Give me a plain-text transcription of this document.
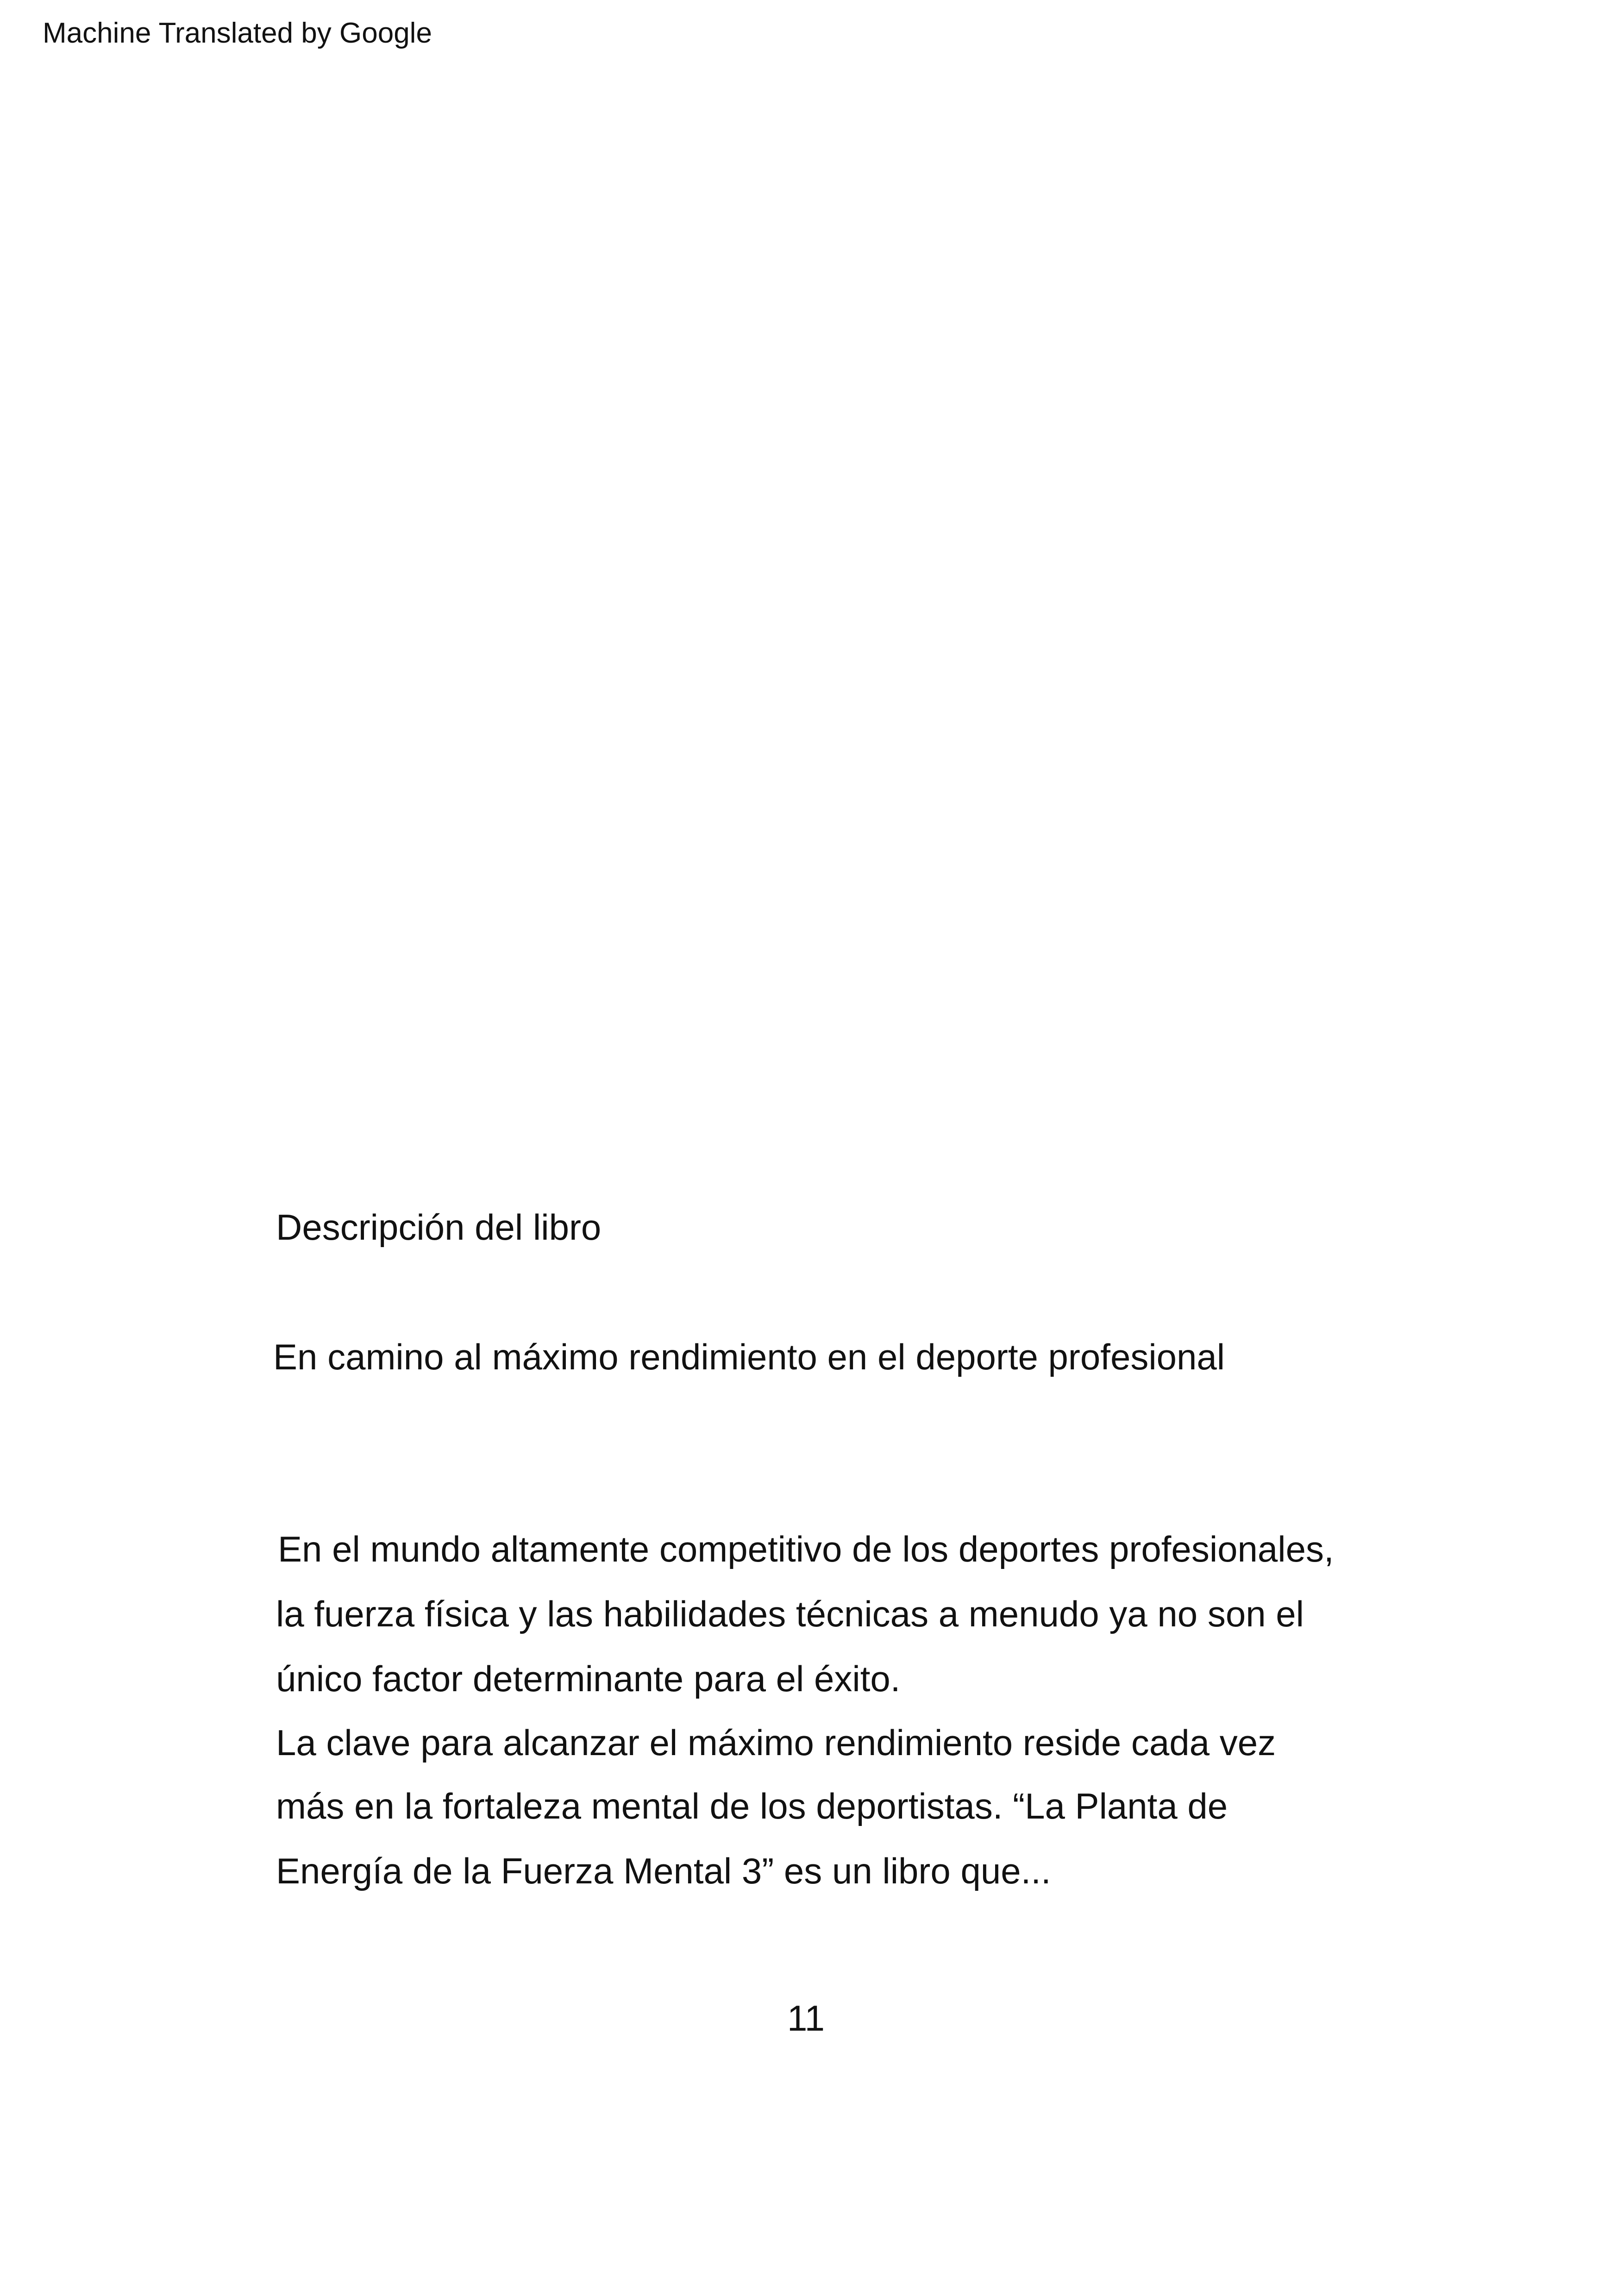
Machine Translated by Google
Descripción del libro
En camino al máximo rendimiento en el deporte profesional
En el mundo altamente competitivo de los deportes profesionales,
la fuerza física y las habilidades técnicas a menudo ya no son el
único factor determinante para el éxito.
La clave para alcanzar el máximo rendimiento reside cada vez
más en la fortaleza mental de los deportistas. “La Planta de
Energía de la Fuerza Mental 3” es un libro que...
11
